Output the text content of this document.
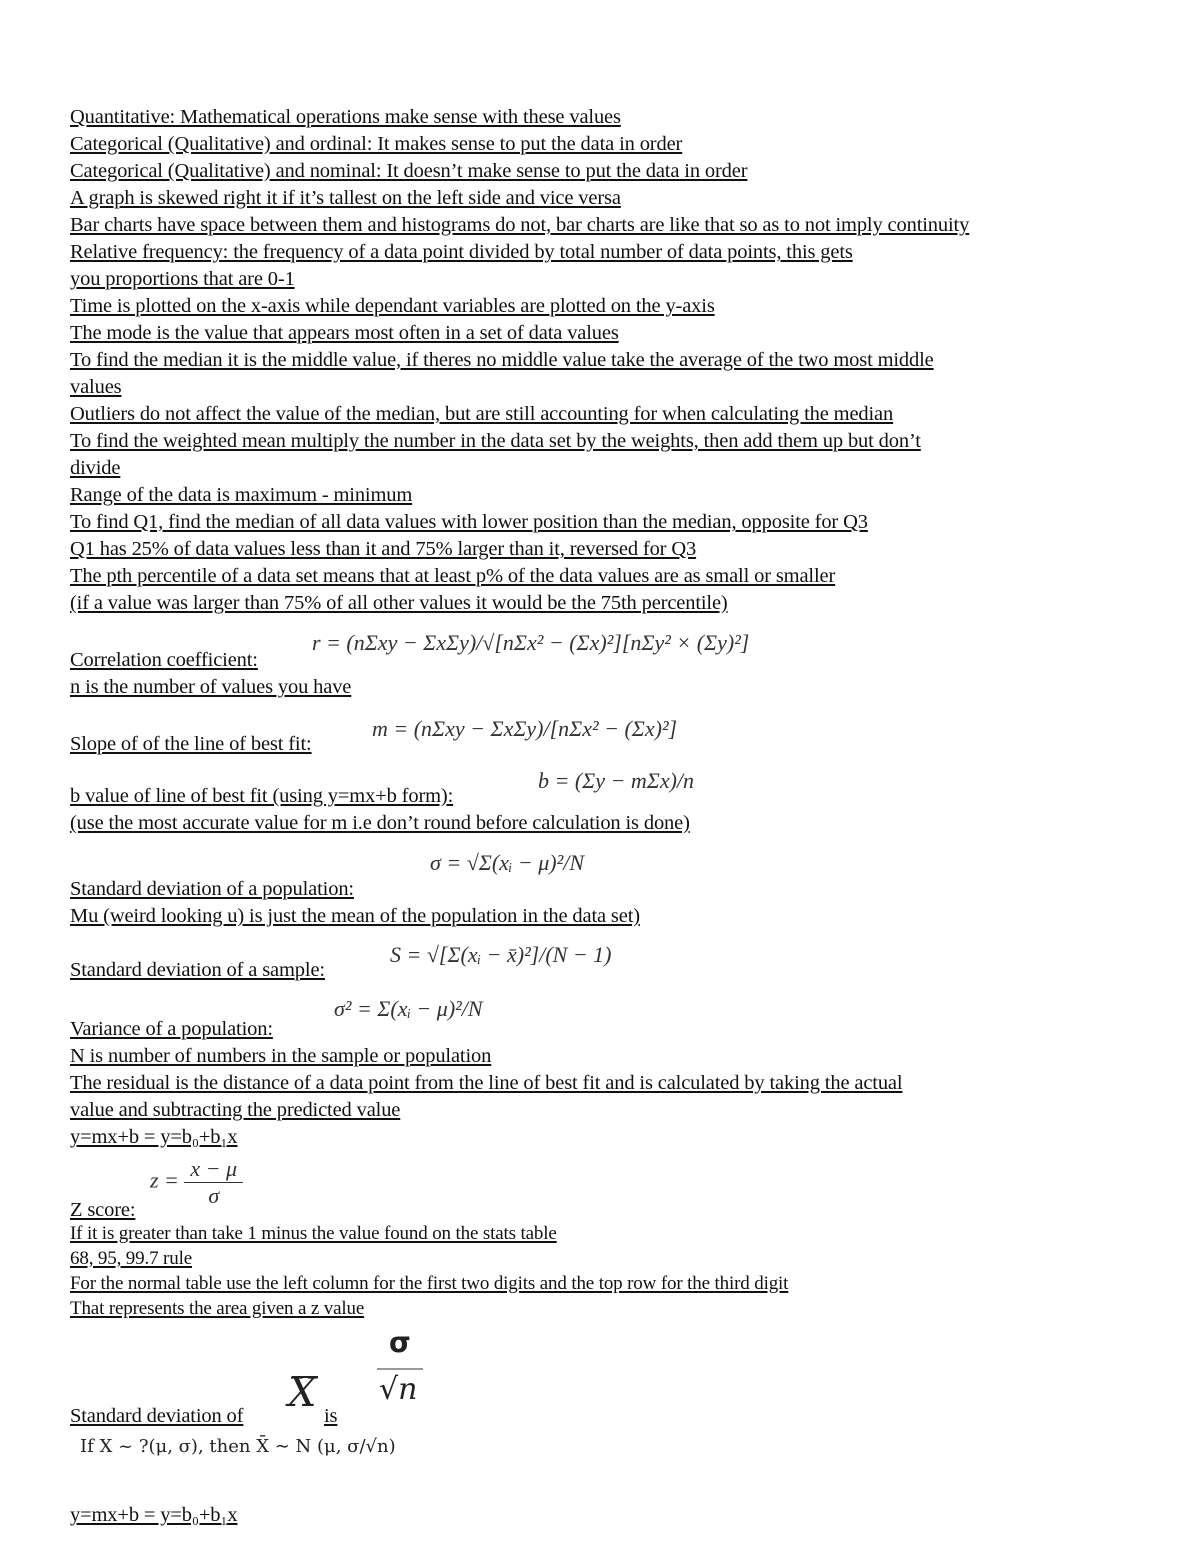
Quantitative: Mathematical operations make sense with these values
Categorical (Qualitative) and ordinal: It makes sense to put the data in order
Categorical (Qualitative) and nominal: It doesn’t make sense to put the data in order
A graph is skewed right it if it’s tallest on the left side and vice versa
Bar charts have space between them and histograms do not, bar charts are like that so as to not imply continuity
Relative frequency: the frequency of a data point divided by total number of data points, this gets
you proportions that are 0-1
Time is plotted on the x-axis while dependant variables are plotted on the y-axis
The mode is the value that appears most often in a set of data values
To find the median it is the middle value, if theres no middle value take the average of the two most middle
values
Outliers do not affect the value of the median, but are still accounting for when calculating the median
To find the weighted mean multiply the number in the data set by the weights, then add them up but don’t
divide
Range of the data is maximum - minimum
To find Q1, find the median of all data values with lower position than the median, opposite for Q3
Q1 has 25% of data values less than it and 75% larger than it, reversed for Q3
The pth percentile of a data set means that at least p% of the data values are as small or smaller
(if a value was larger than 75% of all other values it would be the 75th percentile)
r = (nΣxy − ΣxΣy)/√[nΣx² − (Σx)²][nΣy² × (Σy)²]
Correlation coefficient:
n is the number of values you have
m = (nΣxy − ΣxΣy)/[nΣx² − (Σx)²]
Slope of of the line of best fit:
b = (Σy − mΣx)/n
b value of line of best fit (using y=mx+b form):
(use the most accurate value for m i.e don’t round before calculation is done)
σ = √Σ(xᵢ − μ)²/N
Standard deviation of a population:
Mu (weird looking u) is just the mean of the population in the data set)
S = √[Σ(xᵢ − x̄)²]/(N − 1)
Standard deviation of a sample:
σ² = Σ(xᵢ − μ)²/N
Variance of a population:
N is number of numbers in the sample or population
The residual is the distance of a data point from the line of best fit and is calculated by taking the actual
value and subtracting the predicted value
y=mx+b = y=b₀+b₁x
$z = \frac{x - \mu}{\sigma}$
Z score:
If it is greater than take 1 minus the value found on the stats table
68, 95, 99.7 rule
For the normal table use the left column for the first two digits and the top row for the third digit
That represents the area given a z value
σ
√n
X
Standard deviation of	is
If X ~ ?(μ, σ), then X̄ ∼ N (μ, σ/√n)
y=mx+b = y=b₀+b₁x
